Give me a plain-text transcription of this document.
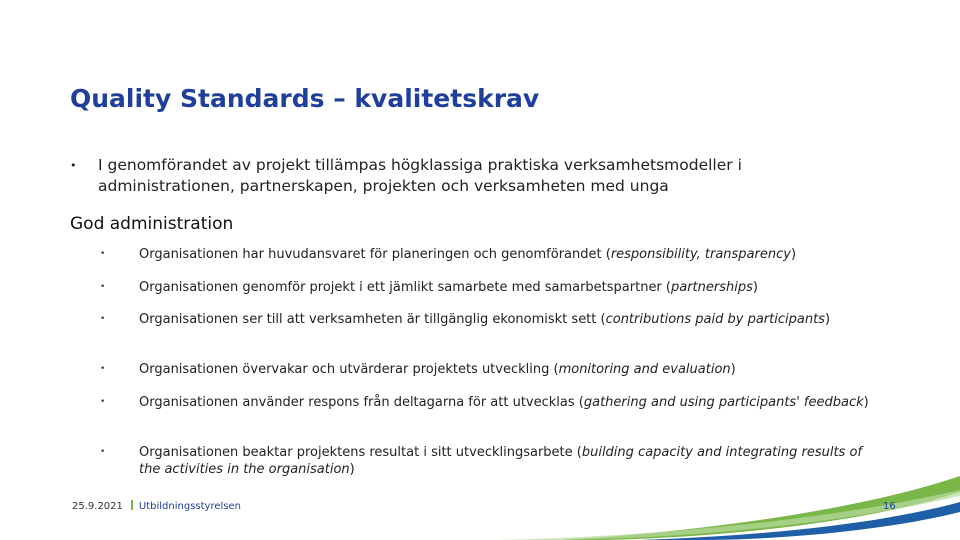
Quality Standards – kvalitetskrav
• I genomförandet av projekt tillämpas högklassiga praktiska verksamhetsmodeller i administrationen, partnerskapen, projekten och verksamheten med unga
God administration
•	Organisationen har huvudansvaret för planeringen och genomförandet (responsibility, transparency)
•	Organisationen genomför projekt i ett jämlikt samarbete med samarbetspartner (partnerships)
•	Organisationen ser till att verksamheten är tillgänglig ekonomiskt sett (contributions paid by participants)
•	Organisationen övervakar och utvärderar projektets utveckling (monitoring and evaluation)
•	Organisationen använder respons från deltagarna för att utvecklas (gathering and using participants' feedback)
•	Organisationen beaktar projektens resultat i sitt utvecklingsarbete (building capacity and integrating results of the activities in the organisation)
25.9.2021 Utbildningsstyrelsen	16
